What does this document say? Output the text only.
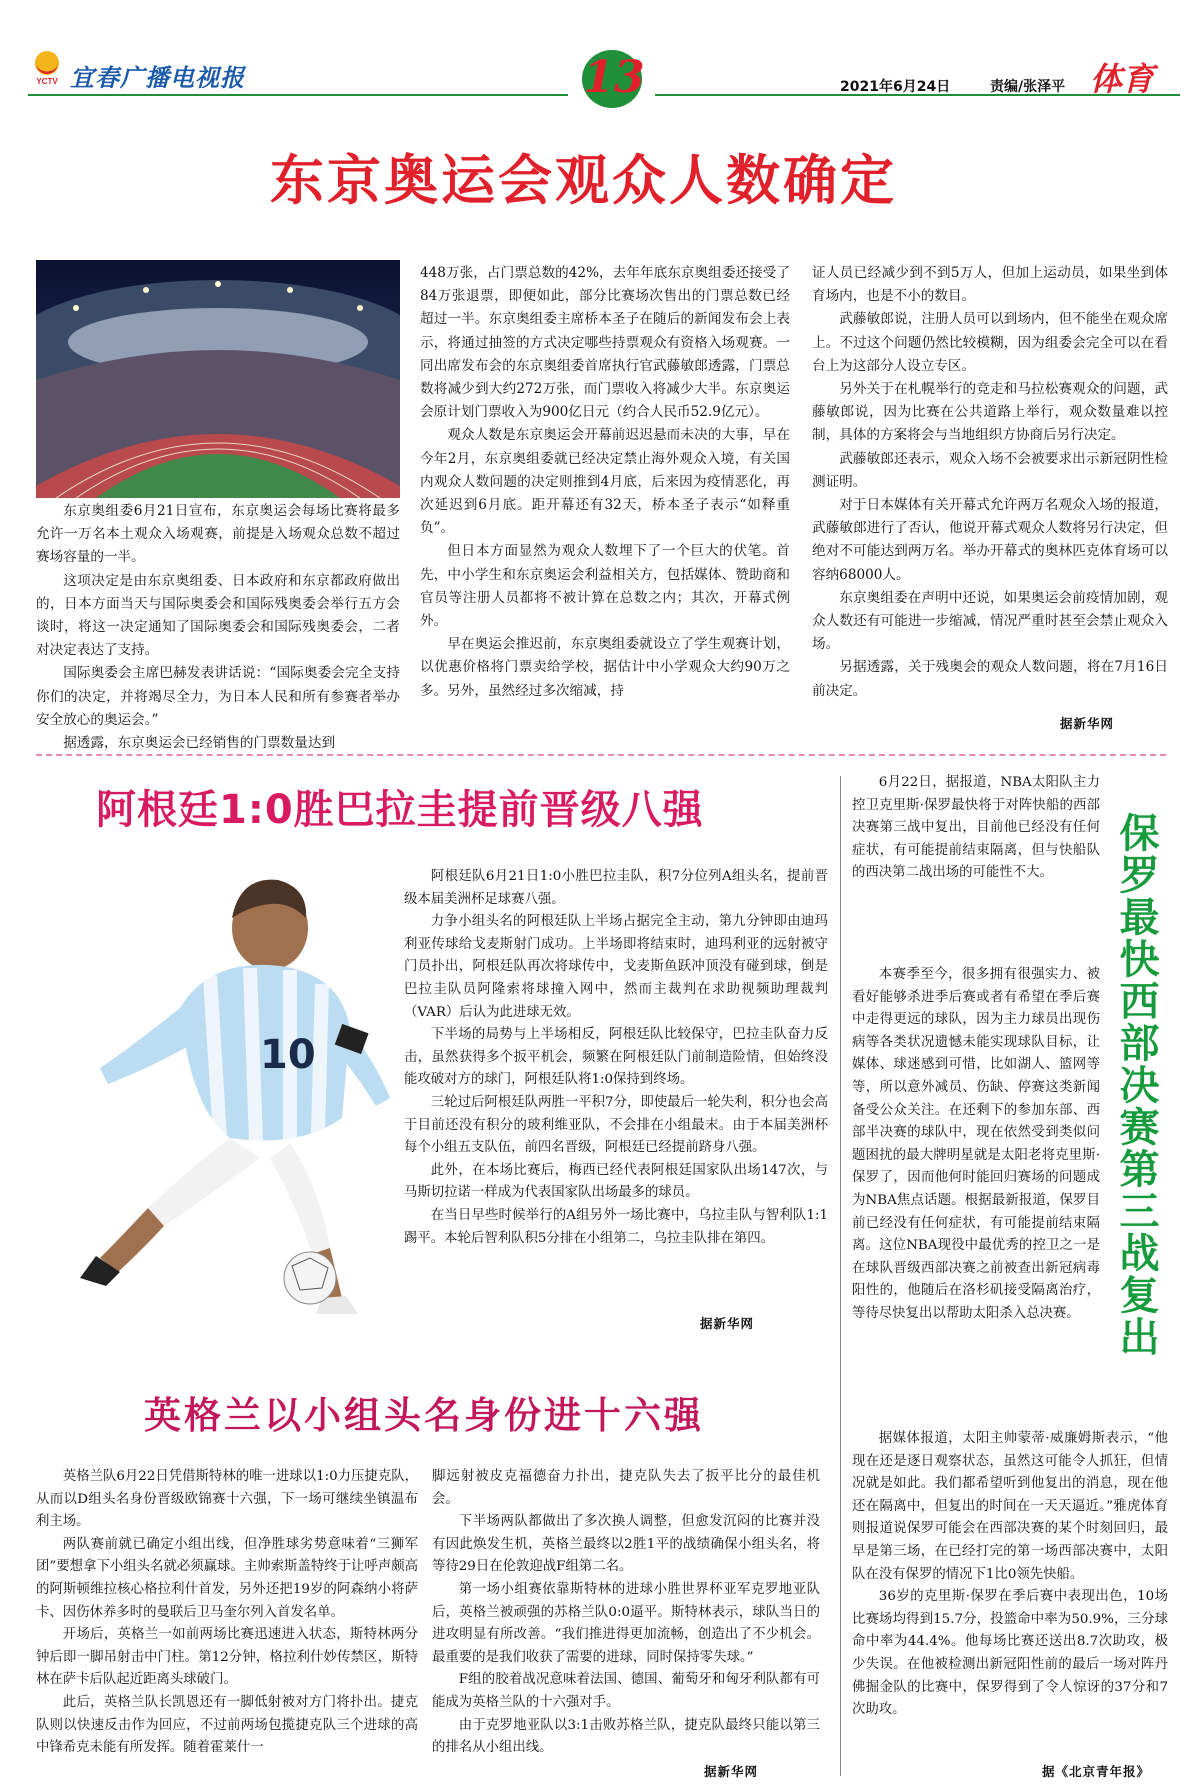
YCTV 宜春广播电视报	13	2021年6月24日	责编/张泽平 体育
东京奥运会观众人数确定

东京奥组委6月21日宣布，东京奥运会每场比赛将最多允许一万名本土观众入场观赛，前提是入场观众总数不超过赛场容量的一半。

这项决定是由东京奥组委、日本政府和东京都政府做出的，日本方面当天与国际奥委会和国际残奥委会举行五方会谈时，将这一决定通知了国际奥委会和国际残奥委会，二者对决定表达了支持。

国际奥委会主席巴赫发表讲话说：“国际奥委会完全支持你们的决定，并将竭尽全力，为日本人民和所有参赛者举办安全放心的奥运会。”

据透露，东京奥运会已经销售的门票数量达到

448万张，占门票总数的42%，去年年底东京奥组委还接受了84万张退票，即便如此，部分比赛场次售出的门票总数已经超过一半。东京奥组委主席桥本圣子在随后的新闻发布会上表示，将通过抽签的方式决定哪些持票观众有资格入场观赛。一同出席发布会的东京奥组委首席执行官武藤敏郎透露，门票总数将减少到大约272万张，而门票收入将减少大半。东京奥运会原计划门票收入为900亿日元（约合人民币52.9亿元）。

观众人数是东京奥运会开幕前迟迟悬而未决的大事，早在今年2月，东京奥组委就已经决定禁止海外观众入境，有关国内观众人数问题的决定则推到4月底，后来因为疫情恶化，再次延迟到6月底。距开幕还有32天，桥本圣子表示“如释重负”。

但日本方面显然为观众人数埋下了一个巨大的伏笔。首先，中小学生和东京奥运会利益相关方，包括媒体、赞助商和官员等注册人员都将不被计算在总数之内；其次，开幕式例外。

早在奥运会推迟前，东京奥组委就设立了学生观赛计划，以优惠价格将门票卖给学校，据估计中小学观众大约90万之多。另外，虽然经过多次缩减，持

证人员已经减少到不到5万人，但加上运动员，如果坐到体育场内，也是不小的数目。

武藤敏郎说，注册人员可以到场内，但不能坐在观众席上。不过这个问题仍然比较模糊，因为组委会完全可以在看台上为这部分人设立专区。

另外关于在札幌举行的竞走和马拉松赛观众的问题，武藤敏郎说，因为比赛在公共道路上举行，观众数量难以控制，具体的方案将会与当地组织方协商后另行决定。

武藤敏郎还表示，观众入场不会被要求出示新冠阴性检测证明。

对于日本媒体有关开幕式允许两万名观众入场的报道，武藤敏郎进行了否认，他说开幕式观众人数将另行决定，但绝对不可能达到两万名。举办开幕式的奥林匹克体育场可以容纳68000人。

东京奥组委在声明中还说，如果奥运会前疫情加剧，观众人数还有可能进一步缩减，情况严重时甚至会禁止观众入场。

另据透露，关于残奥会的观众人数问题，将在7月16日前决定。

据新华网
阿根廷1:0胜巴拉圭提前晋级八强
10

阿根廷队6月21日1:0小胜巴拉圭队，积7分位列A组头名，提前晋级本届美洲杯足球赛八强。

力争小组头名的阿根廷队上半场占据完全主动，第九分钟即由迪玛利亚传球给戈麦斯射门成功。上半场即将结束时，迪玛利亚的远射被守门员扑出，阿根廷队再次将球传中，戈麦斯鱼跃冲顶没有碰到球，倒是巴拉圭队员阿隆索将球撞入网中，然而主裁判在求助视频助理裁判（VAR）后认为此进球无效。

下半场的局势与上半场相反，阿根廷队比较保守，巴拉圭队奋力反击，虽然获得多个扳平机会，频繁在阿根廷队门前制造险情，但始终没能攻破对方的球门，阿根廷队将1:0保持到终场。

三轮过后阿根廷队两胜一平积7分，即使最后一轮失利，积分也会高于目前还没有积分的玻利维亚队，不会排在小组最末。由于本届美洲杯每个小组五支队伍，前四名晋级，阿根廷已经提前跻身八强。

此外，在本场比赛后，梅西已经代表阿根廷国家队出场147次，与马斯切拉诺一样成为代表国家队出场最多的球员。

在当日早些时候举行的A组另外一场比赛中，乌拉圭队与智利队1:1踢平。本轮后智利队积5分排在小组第二，乌拉圭队排在第四。

据新华网
英格兰以小组头名身份进十六强

英格兰队6月22日凭借斯特林的唯一进球以1:0力压捷克队，从而以D组头名身份晋级欧锦赛十六强，下一场可继续坐镇温布利主场。

两队赛前就已确定小组出线，但净胜球劣势意味着“三狮军团”要想拿下小组头名就必须赢球。主帅索斯盖特终于让呼声颇高的阿斯顿维拉核心格拉利什首发，另外还把19岁的阿森纳小将萨卡、因伤休养多时的曼联后卫马奎尔列入首发名单。

开场后，英格兰一如前两场比赛迅速进入状态，斯特林两分钟后即一脚吊射击中门柱。第12分钟，格拉利什妙传禁区，斯特林在萨卡后队起近距离头球破门。

此后，英格兰队长凯恩还有一脚低射被对方门将扑出。捷克队则以快速反击作为回应，不过前两场包揽捷克队三个进球的高中锋希克未能有所发挥。随着霍莱什一

脚远射被皮克福德奋力扑出，捷克队失去了扳平比分的最佳机会。

下半场两队都做出了多次换人调整，但愈发沉闷的比赛并没有因此焕发生机，英格兰最终以2胜1平的战绩确保小组头名，将等待29日在伦敦迎战F组第二名。

第一场小组赛依靠斯特林的进球小胜世界杯亚军克罗地亚队后，英格兰被顽强的苏格兰队0:0逼平。斯特林表示，球队当日的进攻明显有所改善。“我们推进得更加流畅，创造出了不少机会。最重要的是我们收获了需要的进球，同时保持零失球。”

F组的胶着战况意味着法国、德国、葡萄牙和匈牙利队都有可能成为英格兰队的十六强对手。

由于克罗地亚队以3:1击败苏格兰队，捷克队最终只能以第三的排名从小组出线。

据新华网
保罗最快西部决赛第三战复出

6月22日，据报道，NBA太阳队主力控卫克里斯·保罗最快将于对阵快船的西部决赛第三战中复出，目前他已经没有任何症状，有可能提前结束隔离，但与快船队的西决第二战出场的可能性不大。

本赛季至今，很多拥有很强实力、被看好能够杀进季后赛或者有希望在季后赛中走得更远的球队，因为主力球员出现伤病等各类状况遗憾未能实现球队目标，让媒体、球迷感到可惜，比如湖人、篮网等等，所以意外减员、伤缺、停赛这类新闻备受公众关注。在还剩下的参加东部、西部半决赛的球队中，现在依然受到类似问题困扰的最大牌明星就是太阳老将克里斯·保罗了，因而他何时能回归赛场的问题成为NBA焦点话题。根据最新报道，保罗目前已经没有任何症状，有可能提前结束隔离。这位NBA现役中最优秀的控卫之一是在球队晋级西部决赛之前被查出新冠病毒阳性的，他随后在洛杉矶接受隔离治疗，等待尽快复出以帮助太阳杀入总决赛。

据媒体报道，太阳主帅蒙蒂·威廉姆斯表示，“他现在还是逐日观察状态，虽然这可能令人抓狂，但情况就是如此。我们都希望听到他复出的消息，现在他还在隔离中，但复出的时间在一天天逼近。”雅虎体育则报道说保罗可能会在西部决赛的某个时刻回归，最早是第三场，在已经打完的第一场西部决赛中，太阳队在没有保罗的情况下1比0领先快船。

36岁的克里斯·保罗在季后赛中表现出色，10场比赛场均得到15.7分，投篮命中率为50.9%，三分球命中率为44.4%。他每场比赛还送出8.7次助攻，极少失误。在他被检测出新冠阳性前的最后一场对阵丹佛掘金队的比赛中，保罗得到了令人惊讶的37分和7次助攻。

据《北京青年报》
